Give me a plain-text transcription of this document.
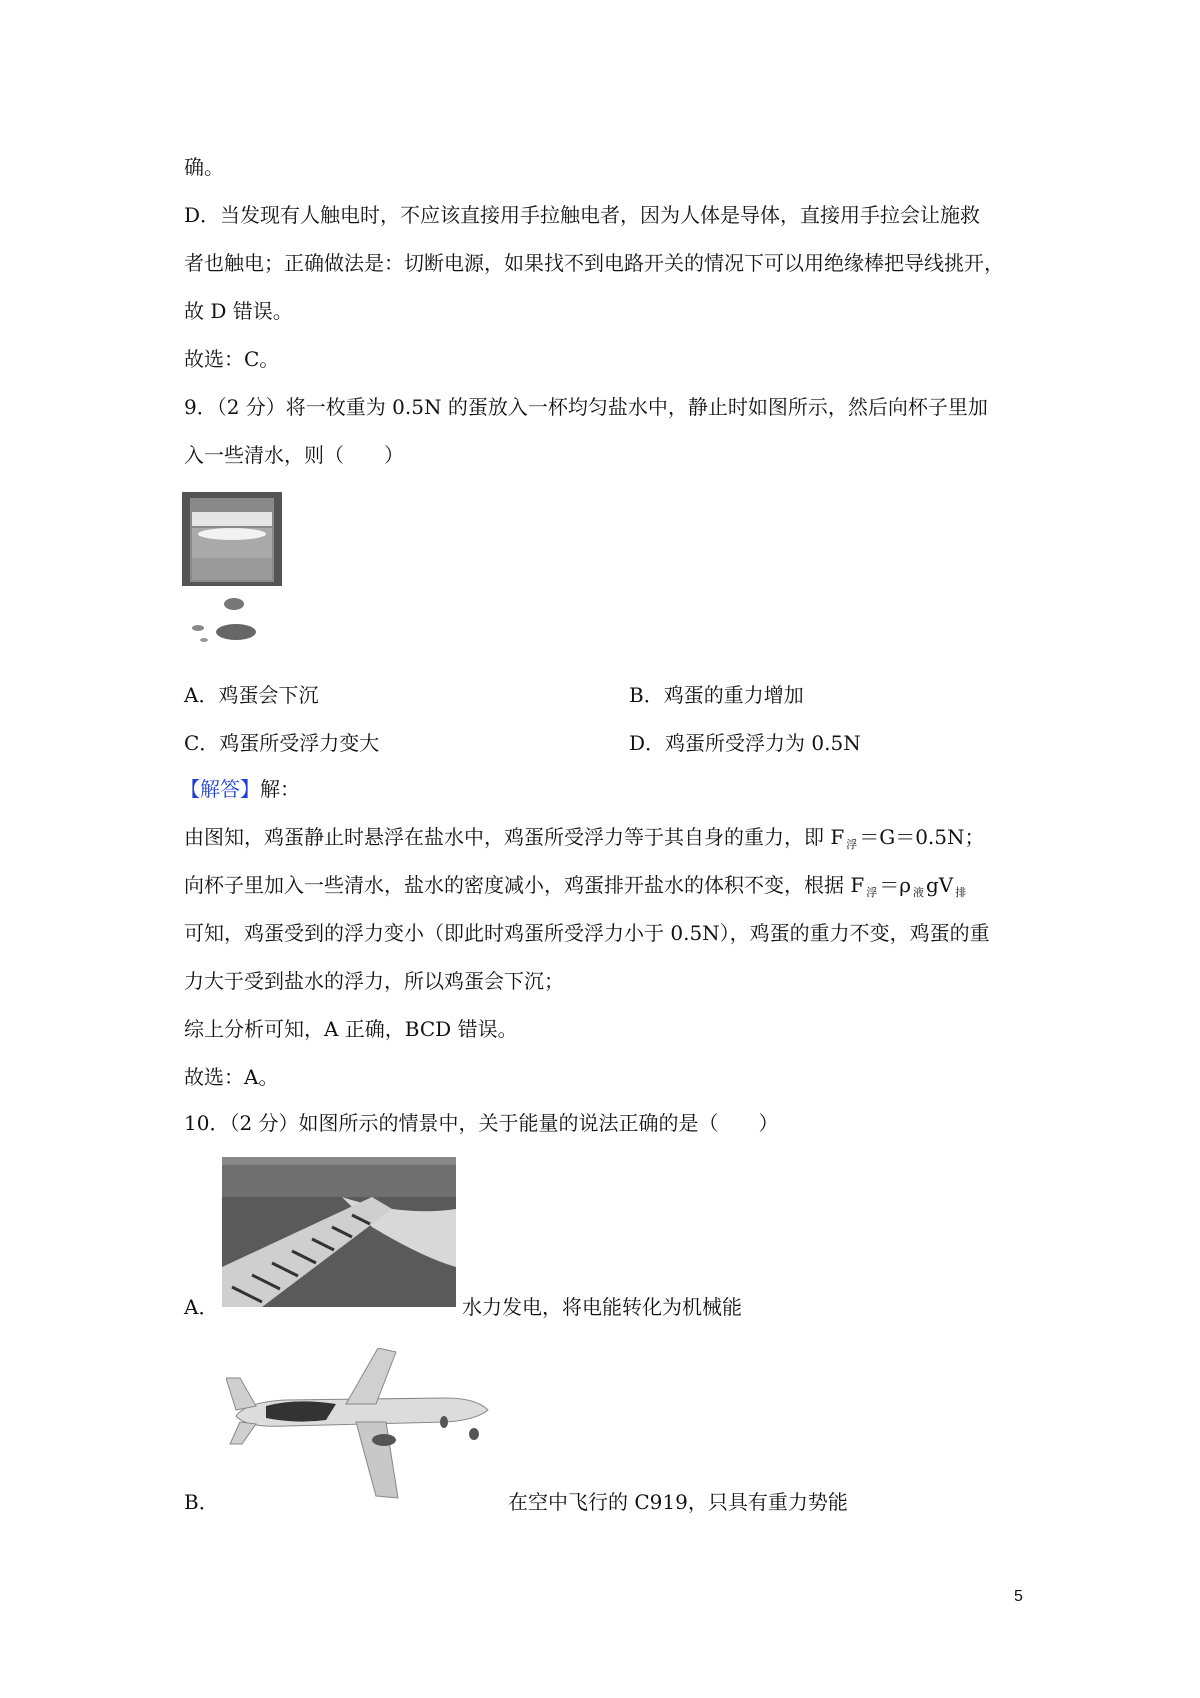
确。
D．当发现有人触电时，不应该直接用手拉触电者，因为人体是导体，直接用手拉会让施救
者也触电；正确做法是：切断电源，如果找不到电路开关的情况下可以用绝缘棒把导线挑开，
故 D 错误。
故选：C。
9．（2 分）将一枚重为 0.5N 的蛋放入一杯均匀盐水中，静止时如图所示，然后向杯子里加
入一些清水，则（　　）
A．鸡蛋会下沉	B．鸡蛋的重力增加
C．鸡蛋所受浮力变大	D．鸡蛋所受浮力为 0.5N
【解答】解：
由图知，鸡蛋静止时悬浮在盐水中，鸡蛋所受浮力等于其自身的重力，即 F $_浮$ ＝G＝0.5N；
向杯子里加入一些清水，盐水的密度减小，鸡蛋排开盐水的体积不变，根据 F $_浮$ ＝ρ $_液$ gV $_排$
可知，鸡蛋受到的浮力变小（即此时鸡蛋所受浮力小于 0.5N），鸡蛋的重力不变，鸡蛋的重
力大于受到盐水的浮力，所以鸡蛋会下沉；
综上分析可知，A 正确，BCD 错误。
故选：A。
10．（2 分）如图所示的情景中，关于能量的说法正确的是（　　）
A．	水力发电，将电能转化为机械能
B．	在空中飞行的 C919，只具有重力势能
5
